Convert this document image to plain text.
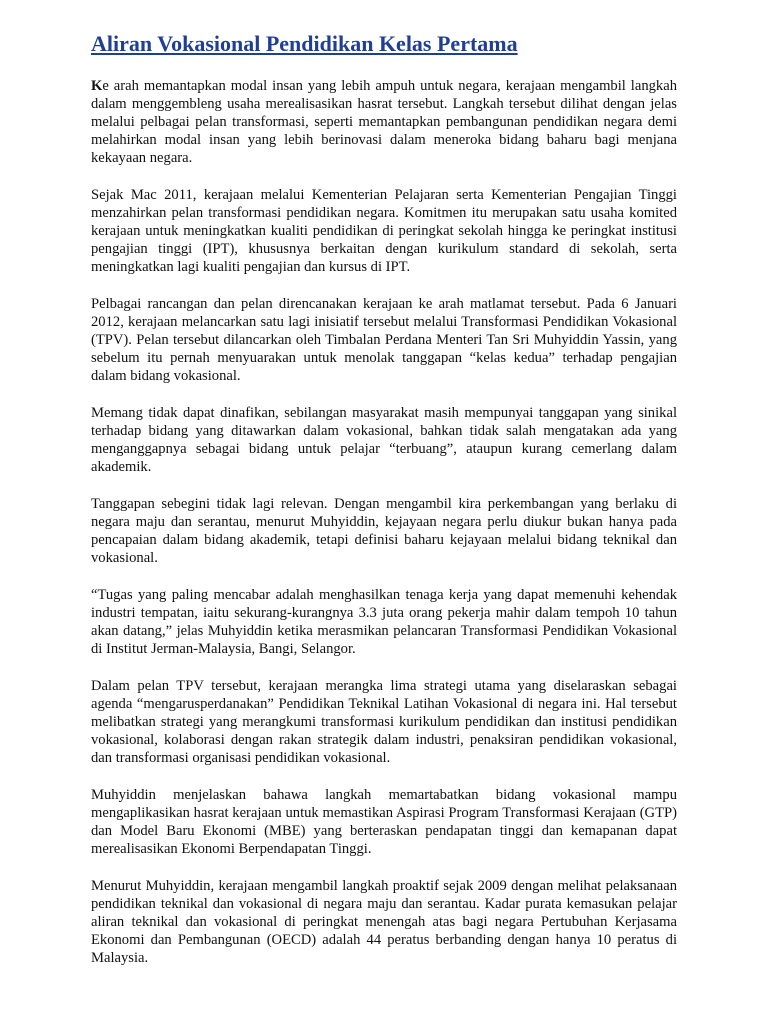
Aliran Vokasional Pendidikan Kelas Pertama

Ke arah memantapkan modal insan yang lebih ampuh untuk negara, kerajaan mengambil langkah dalam menggembleng usaha merealisasikan hasrat tersebut. Langkah tersebut dilihat dengan jelas melalui pelbagai pelan transformasi, seperti memantapkan pembangunan pendidikan negara demi melahirkan modal insan yang lebih berinovasi dalam meneroka bidang baharu bagi menjana kekayaan negara.

Sejak Mac 2011, kerajaan melalui Kementerian Pelajaran serta Kementerian Pengajian Tinggi menzahirkan pelan transformasi pendidikan negara. Komitmen itu merupakan satu usaha komited kerajaan untuk meningkatkan kualiti pendidikan di peringkat sekolah hingga ke peringkat institusi pengajian tinggi (IPT), khususnya berkaitan dengan kurikulum standard di sekolah, serta meningkatkan lagi kualiti pengajian dan kursus di IPT.

Pelbagai rancangan dan pelan direncanakan kerajaan ke arah matlamat tersebut. Pada 6 Januari 2012, kerajaan melancarkan satu lagi inisiatif tersebut melalui Transformasi Pendidikan Vokasional (TPV). Pelan tersebut dilancarkan oleh Timbalan Perdana Menteri Tan Sri Muhyiddin Yassin, yang sebelum itu pernah menyuarakan untuk menolak tanggapan “kelas kedua” terhadap pengajian dalam bidang vokasional.

Memang tidak dapat dinafikan, sebilangan masyarakat masih mempunyai tanggapan yang sinikal terhadap bidang yang ditawarkan dalam vokasional, bahkan tidak salah mengatakan ada yang menganggapnya sebagai bidang untuk pelajar “terbuang”, ataupun kurang cemerlang dalam akademik.

Tanggapan sebegini tidak lagi relevan. Dengan mengambil kira perkembangan yang berlaku di negara maju dan serantau, menurut Muhyiddin, kejayaan negara perlu diukur bukan hanya pada pencapaian dalam bidang akademik, tetapi definisi baharu kejayaan melalui bidang teknikal dan vokasional.

“Tugas yang paling mencabar adalah menghasilkan tenaga kerja yang dapat memenuhi kehendak industri tempatan, iaitu sekurang-kurangnya 3.3 juta orang pekerja mahir dalam tempoh 10 tahun akan datang,” jelas Muhyiddin ketika merasmikan pelancaran Transformasi Pendidikan Vokasional di Institut Jerman-Malaysia, Bangi, Selangor.

Dalam pelan TPV tersebut, kerajaan merangka lima strategi utama yang diselaraskan sebagai agenda “mengarusperdanakan” Pendidikan Teknikal Latihan Vokasional di negara ini. Hal tersebut melibatkan strategi yang merangkumi transformasi kurikulum pendidikan dan institusi pendidikan vokasional, kolaborasi dengan rakan strategik dalam industri, penaksiran pendidikan vokasional, dan transformasi organisasi pendidikan vokasional.

Muhyiddin menjelaskan bahawa langkah memartabatkan bidang vokasional mampu mengaplikasikan hasrat kerajaan untuk memastikan Aspirasi Program Transformasi Kerajaan (GTP) dan Model Baru Ekonomi (MBE) yang berteraskan pendapatan tinggi dan kemapanan dapat merealisasikan Ekonomi Berpendapatan Tinggi.

Menurut Muhyiddin, kerajaan mengambil langkah proaktif sejak 2009 dengan melihat pelaksanaan pendidikan teknikal dan vokasional di negara maju dan serantau. Kadar purata kemasukan pelajar aliran teknikal dan vokasional di peringkat menengah atas bagi negara Pertubuhan Kerjasama Ekonomi dan Pembangunan (OECD) adalah 44 peratus berbanding dengan hanya 10 peratus di Malaysia.
